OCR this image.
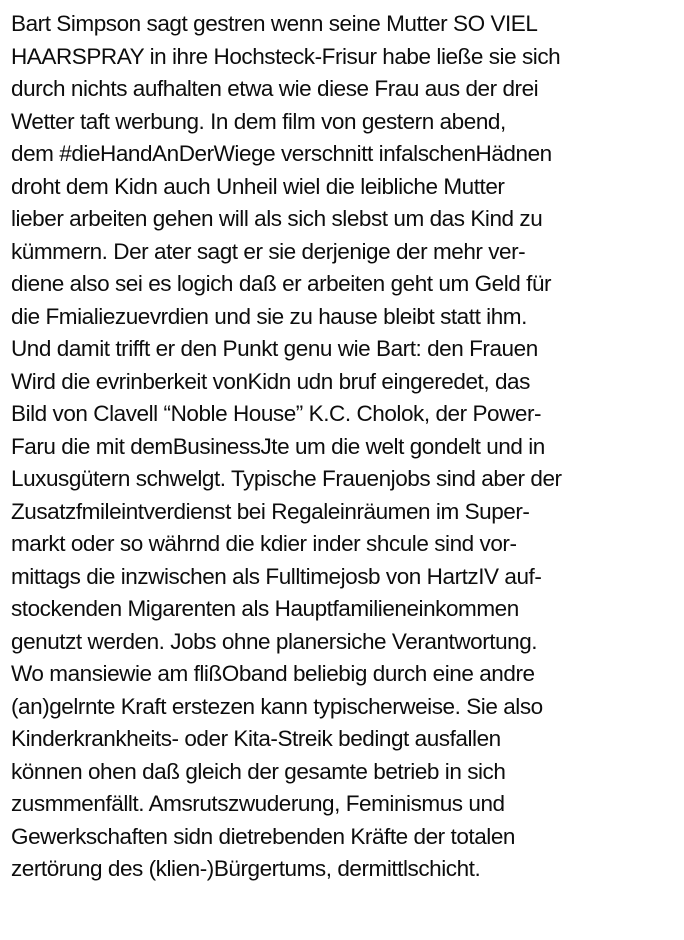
Bart Simpson sagt gestren wenn seine Mutter SO VIEL
HAARSPRAY in ihre Hochsteck-Frisur habe ließe sie sich
durch nichts aufhalten etwa wie diese Frau aus der drei
Wetter taft werbung. In dem film von gestern abend,
dem #dieHandAnDerWiege verschnitt infalschenHädnen
droht dem Kidn auch Unheil wiel die leibliche Mutter
lieber arbeiten gehen will als sich slebst um das Kind zu
kümmern. Der ater sagt er sie derjenige der mehr ver-
diene also sei es logich daß er arbeiten geht um Geld für
die Fmialiezuevrdien und sie zu hause bleibt statt ihm.
Und damit trifft er den Punkt genu wie Bart: den Frauen
Wird die evrinberkeit vonKidn udn bruf eingeredet, das
Bild von Clavell “Noble House” K.C. Cholok, der Power-
Faru die mit demBusinessJte um die welt gondelt und in
Luxusgütern schwelgt. Typische Frauenjobs sind aber der
Zusatzfmileintverdienst bei Regaleinräumen im Super-
markt oder so währnd die kdier inder shcule sind vor-
mittags die inzwischen als Fulltimejosb von HartzIV auf-
stockenden Migarenten als Hauptfamilieneinkommen
genutzt werden. Jobs ohne planersiche Verantwortung.
Wo mansiewie am flißOband beliebig durch eine andre
(an)gelrnte Kraft erstezen kann typischerweise. Sie also
Kinderkrankheits- oder Kita-Streik bedingt ausfallen
können ohen daß gleich der gesamte betrieb in sich
zusmmenfällt. Amsrutszwuderung, Feminismus und
Gewerkschaften sidn dietrebenden Kräfte der totalen
zertörung des (klien-)Bürgertums, dermittlschicht.
